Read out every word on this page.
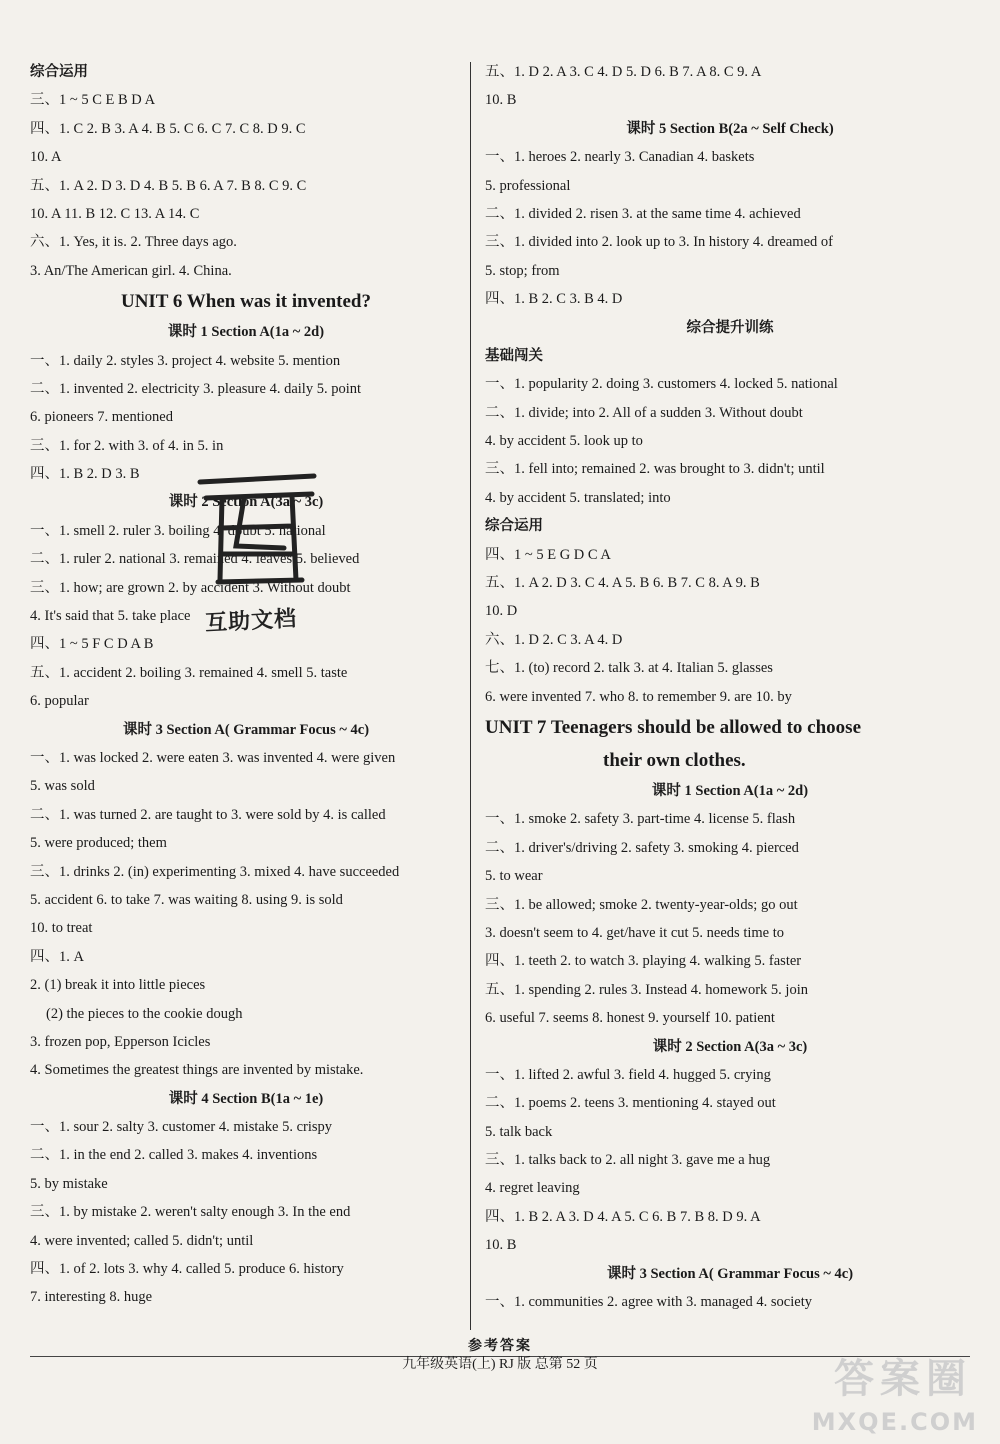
综合运用
三、1 ~ 5 C E B D A
四、1. C 2. B 3. A 4. B 5. C 6. C 7. C 8. D 9. C
10. A
五、1. A 2. D 3. D 4. B 5. B 6. A 7. B 8. C 9. C
10. A 11. B 12. C 13. A 14. C
六、1. Yes, it is. 2. Three days ago.
3. An/The American girl. 4. China.
UNIT 6 When was it invented?
课时 1 Section A(1a ~ 2d)
一、1. daily 2. styles 3. project 4. website 5. mention
二、1. invented 2. electricity 3. pleasure 4. daily 5. point
6. pioneers 7. mentioned
三、1. for 2. with 3. of 4. in 5. in
四、1. B 2. D 3. B
课时 2 Section A(3a ~ 3c)
一、1. smell 2. ruler 3. boiling 4. doubt 5. national
二、1. ruler 2. national 3. remained 4. leaves 5. believed
三、1. how; are grown 2. by accident 3. Without doubt
4. It's said that 5. take place
四、1 ~ 5 F C D A B
五、1. accident 2. boiling 3. remained 4. smell 5. taste
6. popular
课时 3 Section A( Grammar Focus ~ 4c)
一、1. was locked 2. were eaten 3. was invented 4. were given
5. was sold
二、1. was turned 2. are taught to 3. were sold by 4. is called
5. were produced; them
三、1. drinks 2. (in) experimenting 3. mixed 4. have succeeded
5. accident 6. to take 7. was waiting 8. using 9. is sold
10. to treat
四、1. A
2. (1) break it into little pieces
(2) the pieces to the cookie dough
3. frozen pop, Epperson Icicles
4. Sometimes the greatest things are invented by mistake.
课时 4 Section B(1a ~ 1e)
一、1. sour 2. salty 3. customer 4. mistake 5. crispy
二、1. in the end 2. called 3. makes 4. inventions
5. by mistake
三、1. by mistake 2. weren't salty enough 3. In the end
4. were invented; called 5. didn't; until
四、1. of 2. lots 3. why 4. called 5. produce 6. history
7. interesting 8. huge
五、1. D 2. A 3. C 4. D 5. D 6. B 7. A 8. C 9. A
10. B
课时 5 Section B(2a ~ Self Check)
一、1. heroes 2. nearly 3. Canadian 4. baskets
5. professional
二、1. divided 2. risen 3. at the same time 4. achieved
三、1. divided into 2. look up to 3. In history 4. dreamed of
5. stop; from
四、1. B 2. C 3. B 4. D
综合提升训练
基础闯关
一、1. popularity 2. doing 3. customers 4. locked 5. national
二、1. divide; into 2. All of a sudden 3. Without doubt
4. by accident 5. look up to
三、1. fell into; remained 2. was brought to 3. didn't; until
4. by accident 5. translated; into
综合运用
四、1 ~ 5 E G D C A
五、1. A 2. D 3. C 4. A 5. B 6. B 7. C 8. A 9. B
10. D
六、1. D 2. C 3. A 4. D
七、1. (to) record 2. talk 3. at 4. Italian 5. glasses
6. were invented 7. who 8. to remember 9. are 10. by
UNIT 7 Teenagers should be allowed to choose
their own clothes.
课时 1 Section A(1a ~ 2d)
一、1. smoke 2. safety 3. part-time 4. license 5. flash
二、1. driver's/driving 2. safety 3. smoking 4. pierced
5. to wear
三、1. be allowed; smoke 2. twenty-year-olds; go out
3. doesn't seem to 4. get/have it cut 5. needs time to
四、1. teeth 2. to watch 3. playing 4. walking 5. faster
五、1. spending 2. rules 3. Instead 4. homework 5. join
6. useful 7. seems 8. honest 9. yourself 10. patient
课时 2 Section A(3a ~ 3c)
一、1. lifted 2. awful 3. field 4. hugged 5. crying
二、1. poems 2. teens 3. mentioning 4. stayed out
5. talk back
三、1. talks back to 2. all night 3. gave me a hug
4. regret leaving
四、1. B 2. A 3. D 4. A 5. C 6. B 7. B 8. D 9. A
10. B
课时 3 Section A( Grammar Focus ~ 4c)
一、1. communities 2. agree with 3. managed 4. society
互助文档
参考答案
九年级英语(上) RJ 版 总第 52 页	答案圈
MXQE.COM
